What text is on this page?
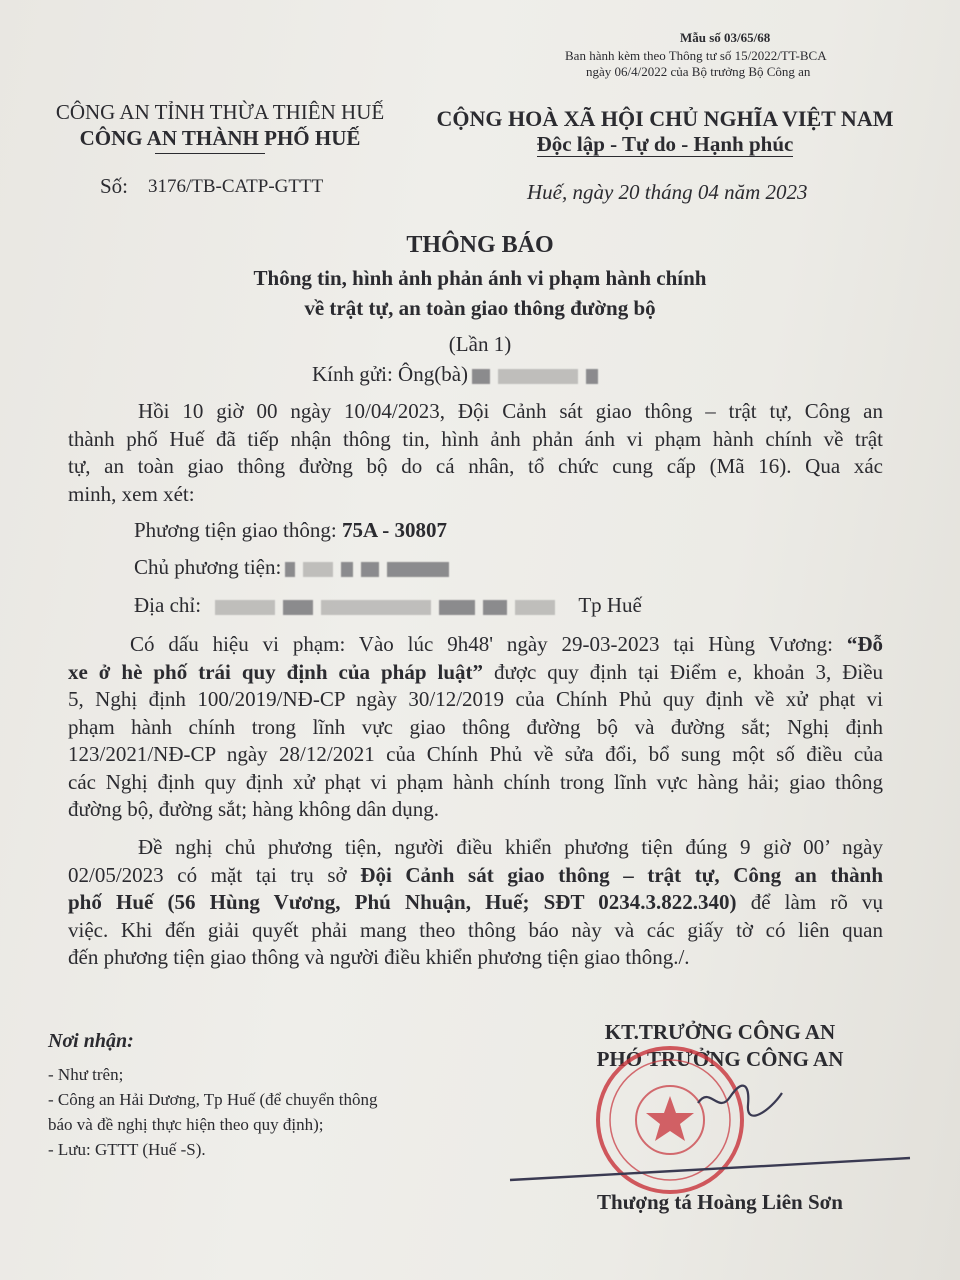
Mẫu số 03/65/68
Ban hành kèm theo Thông tư số 15/2022/TT-BCA
ngày 06/4/2022 của Bộ trưởng Bộ Công an
CÔNG AN TỈNH THỪA THIÊN HUẾ
CÔNG AN THÀNH PHỐ HUẾ
Số: 3176/TB-CATP-GTTT
CỘNG HOÀ XÃ HỘI CHỦ NGHĨA VIỆT NAM
Độc lập - Tự do - Hạnh phúc
Huế, ngày 20 tháng 04 năm 2023
THÔNG BÁO
Thông tin, hình ảnh phản ánh vi phạm hành chính
về trật tự, an toàn giao thông đường bộ
(Lần 1)
Kính gửi: Ông(bà)
Hồi 10 giờ 00 ngày 10/04/2023, Đội Cảnh sát giao thông – trật tự, Công an
thành phố Huế đã tiếp nhận thông tin, hình ảnh phản ánh vi phạm hành chính về trật
tự, an toàn giao thông đường bộ do cá nhân, tổ chức cung cấp (Mã 16). Qua xác
minh, xem xét:
Phương tiện giao thông: 75A - 30807
Chủ phương tiện:
Địa chỉ:	Tp Huế
Có dấu hiệu vi phạm: Vào lúc 9h48' ngày 29-03-2023 tại Hùng Vương: “Đỗ
xe ở hè phố trái quy định của pháp luật” được quy định tại Điểm e, khoản 3, Điều
5, Nghị định 100/2019/NĐ-CP ngày 30/12/2019 của Chính Phủ quy định về xử phạt vi
phạm hành chính trong lĩnh vực giao thông đường bộ và đường sắt; Nghị định
123/2021/NĐ-CP ngày 28/12/2021 của Chính Phủ về sửa đổi, bổ sung một số điều của
các Nghị định quy định xử phạt vi phạm hành chính trong lĩnh vực hàng hải; giao thông
đường bộ, đường sắt; hàng không dân dụng.
Đề nghị chủ phương tiện, người điều khiển phương tiện đúng 9 giờ 00’ ngày
02/05/2023 có mặt tại trụ sở Đội Cảnh sát giao thông – trật tự, Công an thành
phố Huế (56 Hùng Vương, Phú Nhuận, Huế; SĐT 0234.3.822.340) để làm rõ vụ
việc. Khi đến giải quyết phải mang theo thông báo này và các giấy tờ có liên quan
đến phương tiện giao thông và người điều khiển phương tiện giao thông./.
Nơi nhận:
- Như trên;
- Công an Hải Dương, Tp Huế (để chuyển thông
báo và đề nghị thực hiện theo quy định);
- Lưu: GTTT (Huế -S).
KT.TRƯỞNG CÔNG AN
PHÓ TRƯỞNG CÔNG AN
Thượng tá Hoàng Liên Sơn
